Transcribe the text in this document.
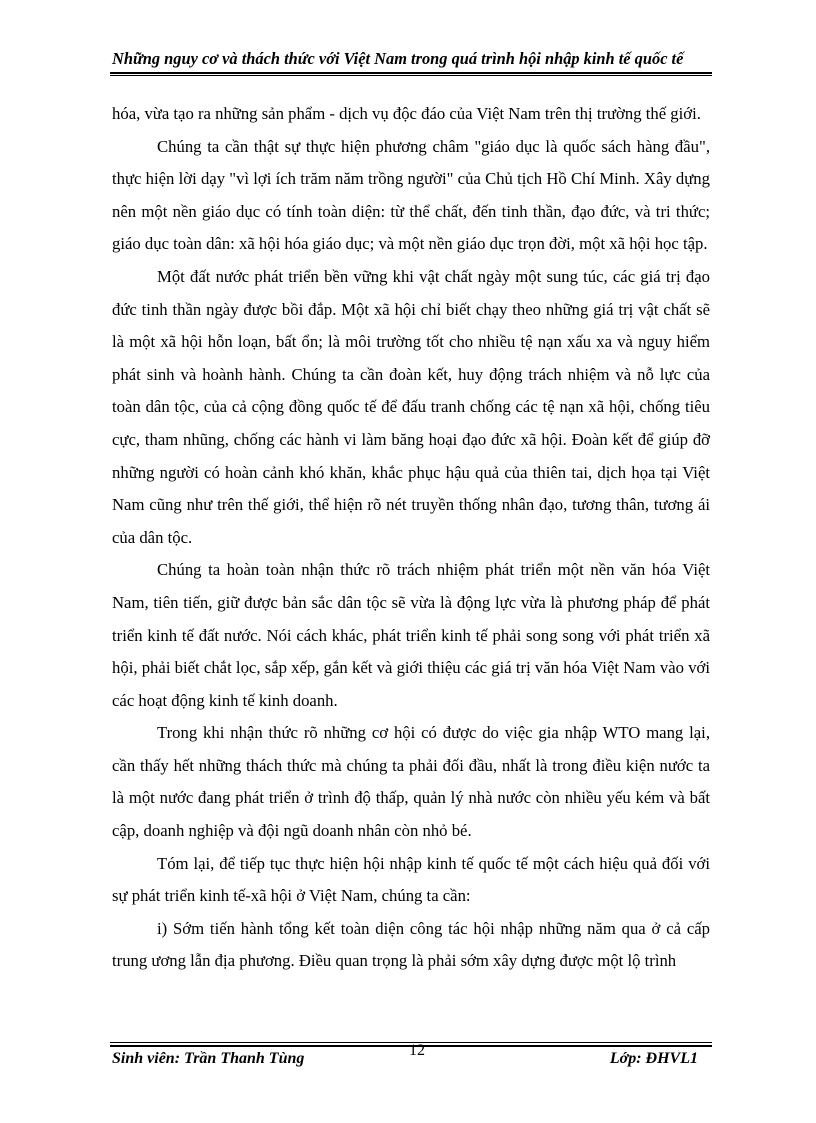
Những nguy cơ và thách thức với Việt Nam trong quá trình hội nhập kinh tế quốc tế

hóa, vừa tạo ra những sản phẩm - dịch vụ độc đáo của Việt Nam trên thị trường thế giới.

Chúng ta cần thật sự thực hiện phương châm "giáo dục là quốc sách hàng đầu", thực hiện lời dạy "vì lợi ích trăm năm trồng người" của Chủ tịch Hồ Chí Minh. Xây dựng nên một nền giáo dục có tính toàn diện: từ thể chất, đến tinh thần, đạo đức, và tri thức; giáo dục toàn dân: xã hội hóa giáo dục; và một nền giáo dục trọn đời, một xã hội học tập.

Một đất nước phát triển bền vững khi vật chất ngày một sung túc, các giá trị đạo đức tinh thần ngày được bồi đắp. Một xã hội chỉ biết chạy theo những giá trị vật chất sẽ là một xã hội hỗn loạn, bất ổn; là môi trường tốt cho nhiều tệ nạn xấu xa và nguy hiểm phát sinh và hoành hành. Chúng ta cần đoàn kết, huy động trách nhiệm và nỗ lực của toàn dân tộc, của cả cộng đồng quốc tế để đấu tranh chống các tệ nạn xã hội, chống tiêu cực, tham nhũng, chống các hành vi làm băng hoại đạo đức xã hội. Đoàn kết để giúp đỡ những người có hoàn cảnh khó khăn, khắc phục hậu quả của thiên tai, dịch họa tại Việt Nam cũng như trên thế giới, thể hiện rõ nét truyền thống nhân đạo, tương thân, tương ái của dân tộc.

Chúng ta hoàn toàn nhận thức rõ trách nhiệm phát triển một nền văn hóa Việt Nam, tiên tiến, giữ được bản sắc dân tộc sẽ vừa là động lực vừa là phương pháp để phát triển kinh tế đất nước. Nói cách khác, phát triển kinh tế phải song song với phát triển xã hội, phải biết chắt lọc, sắp xếp, gắn kết và giới thiệu các giá trị văn hóa Việt Nam vào với các hoạt động kinh tế kinh doanh.

Trong khi nhận thức rõ những cơ hội có được do việc gia nhập WTO mang lại, cần thấy hết những thách thức mà chúng ta phải đối đầu, nhất là trong điều kiện nước ta là một nước đang phát triển ở trình độ thấp, quản lý nhà nước còn nhiều yếu kém và bất cập, doanh nghiệp và đội ngũ doanh nhân còn nhỏ bé.

Tóm lại, để tiếp tục thực hiện hội nhập kinh tế quốc tế một cách hiệu quả đối với sự phát triển kinh tế-xã hội ở Việt Nam, chúng ta cần:

i) Sớm tiến hành tổng kết toàn diện công tác hội nhập những năm qua ở cả cấp trung ương lẫn địa phương. Điều quan trọng là phải sớm xây dựng được một lộ trình

Sinh viên: Trần Thanh Tùng	12	Lớp: ĐHVL1
